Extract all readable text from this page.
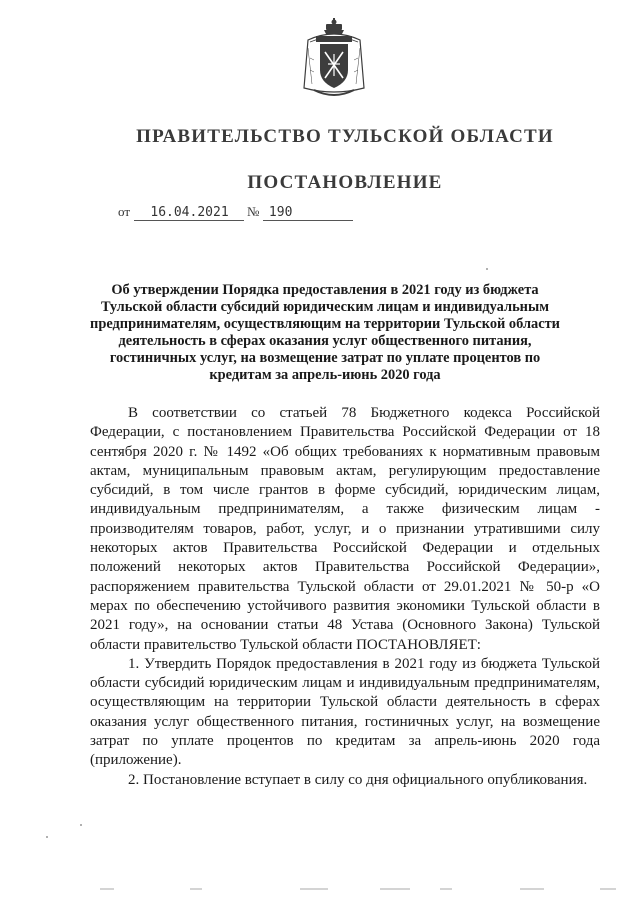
ПРАВИТЕЛЬСТВО ТУЛЬСКОЙ ОБЛАСТИ
ПОСТАНОВЛЕНИЕ
от 16.04.2021 № 190
Об утверждении Порядка предоставления в 2021 году из бюджета Тульской области субсидий юридическим лицам и индивидуальным предпринимателям, осуществляющим на территории Тульской области деятельность в сферах оказания услуг общественного питания, гостиничных услуг, на возмещение затрат по уплате процентов по кредитам за апрель-июнь 2020 года

В соответствии со статьей 78 Бюджетного кодекса Российской Федерации, с постановлением Правительства Российской Федерации от 18 сентября 2020 г. № 1492 «Об общих требованиях к нормативным правовым актам, муниципальным правовым актам, регулирующим предоставление субсидий, в том числе грантов в форме субсидий, юридическим лицам, индивидуальным предпринимателям, а также физическим лицам - производителям товаров, работ, услуг, и о признании утратившими силу некоторых актов Правительства Российской Федерации и отдельных положений некоторых актов Правительства Российской Федерации», распоряжением правительства Тульской области от 29.01.2021 № 50-р «О мерах по обеспечению устойчивого развития экономики Тульской области в 2021 году», на основании статьи 48 Устава (Основного Закона) Тульской области правительство Тульской области ПОСТАНОВЛЯЕТ:

1. Утвердить Порядок предоставления в 2021 году из бюджета Тульской области субсидий юридическим лицам и индивидуальным предпринимателям, осуществляющим на территории Тульской области деятельность в сферах оказания услуг общественного питания, гостиничных услуг, на возмещение затрат по уплате процентов по кредитам за апрель-июнь 2020 года (приложение).

2. Постановление вступает в силу со дня официального опубликования.
